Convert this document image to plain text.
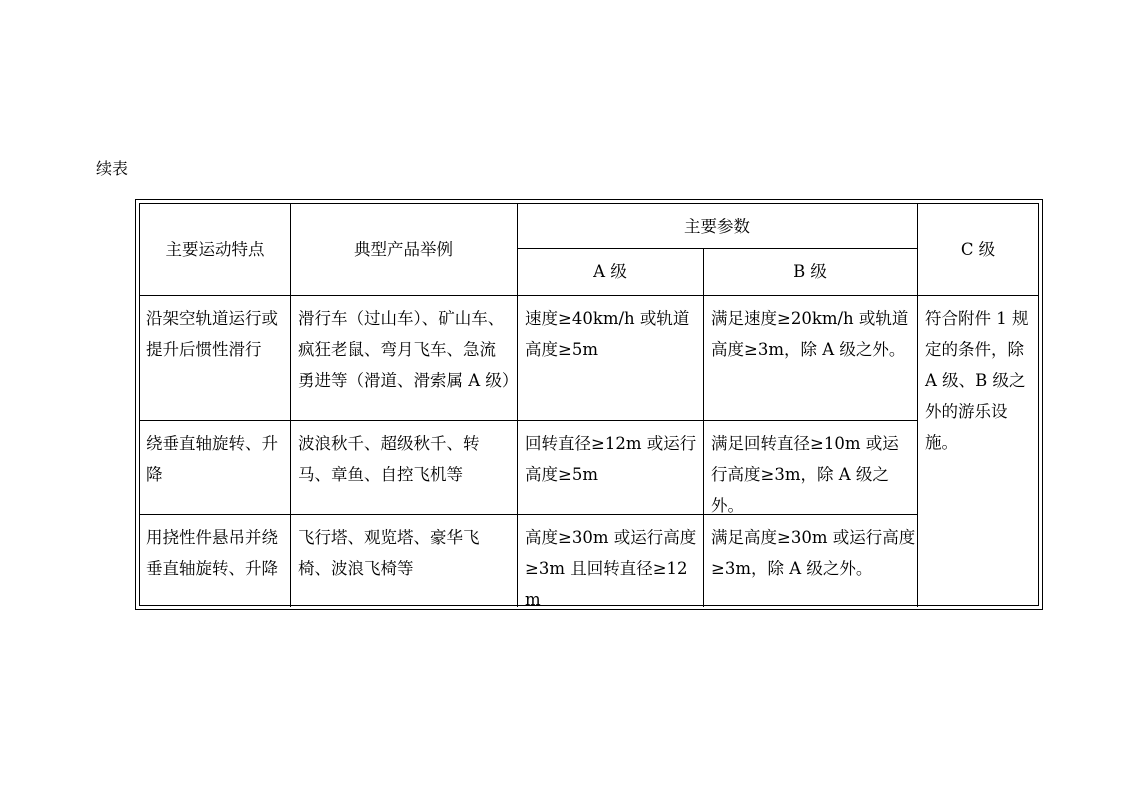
续表
主要运动特点	典型产品举例
主要参数
A 级	B 级
C 级
沿架空轨道运行或提升后惯性滑行
滑行车（过山车）、矿山车、疯狂老鼠、弯月飞车、急流勇进等（滑道、滑索属 A 级）
速度≥40km/h 或轨道高度≥5m
满足速度≥20km/h 或轨道高度≥3m，除 A 级之外。
绕垂直轴旋转、升降
波浪秋千、超级秋千、转马、章鱼、自控飞机等
回转直径≥12m 或运行高度≥5m
满足回转直径≥10m 或运行高度≥3m，除 A 级之外。
用挠性件悬吊并绕垂直轴旋转、升降
飞行塔、观览塔、豪华飞椅、波浪飞椅等
高度≥30m 或运行高度≥3m 且回转直径≥12m
满足高度≥30m 或运行高度≥3m，除 A 级之外。
符合附件 1 规定的条件，除 A 级、B 级之外的游乐设施。
